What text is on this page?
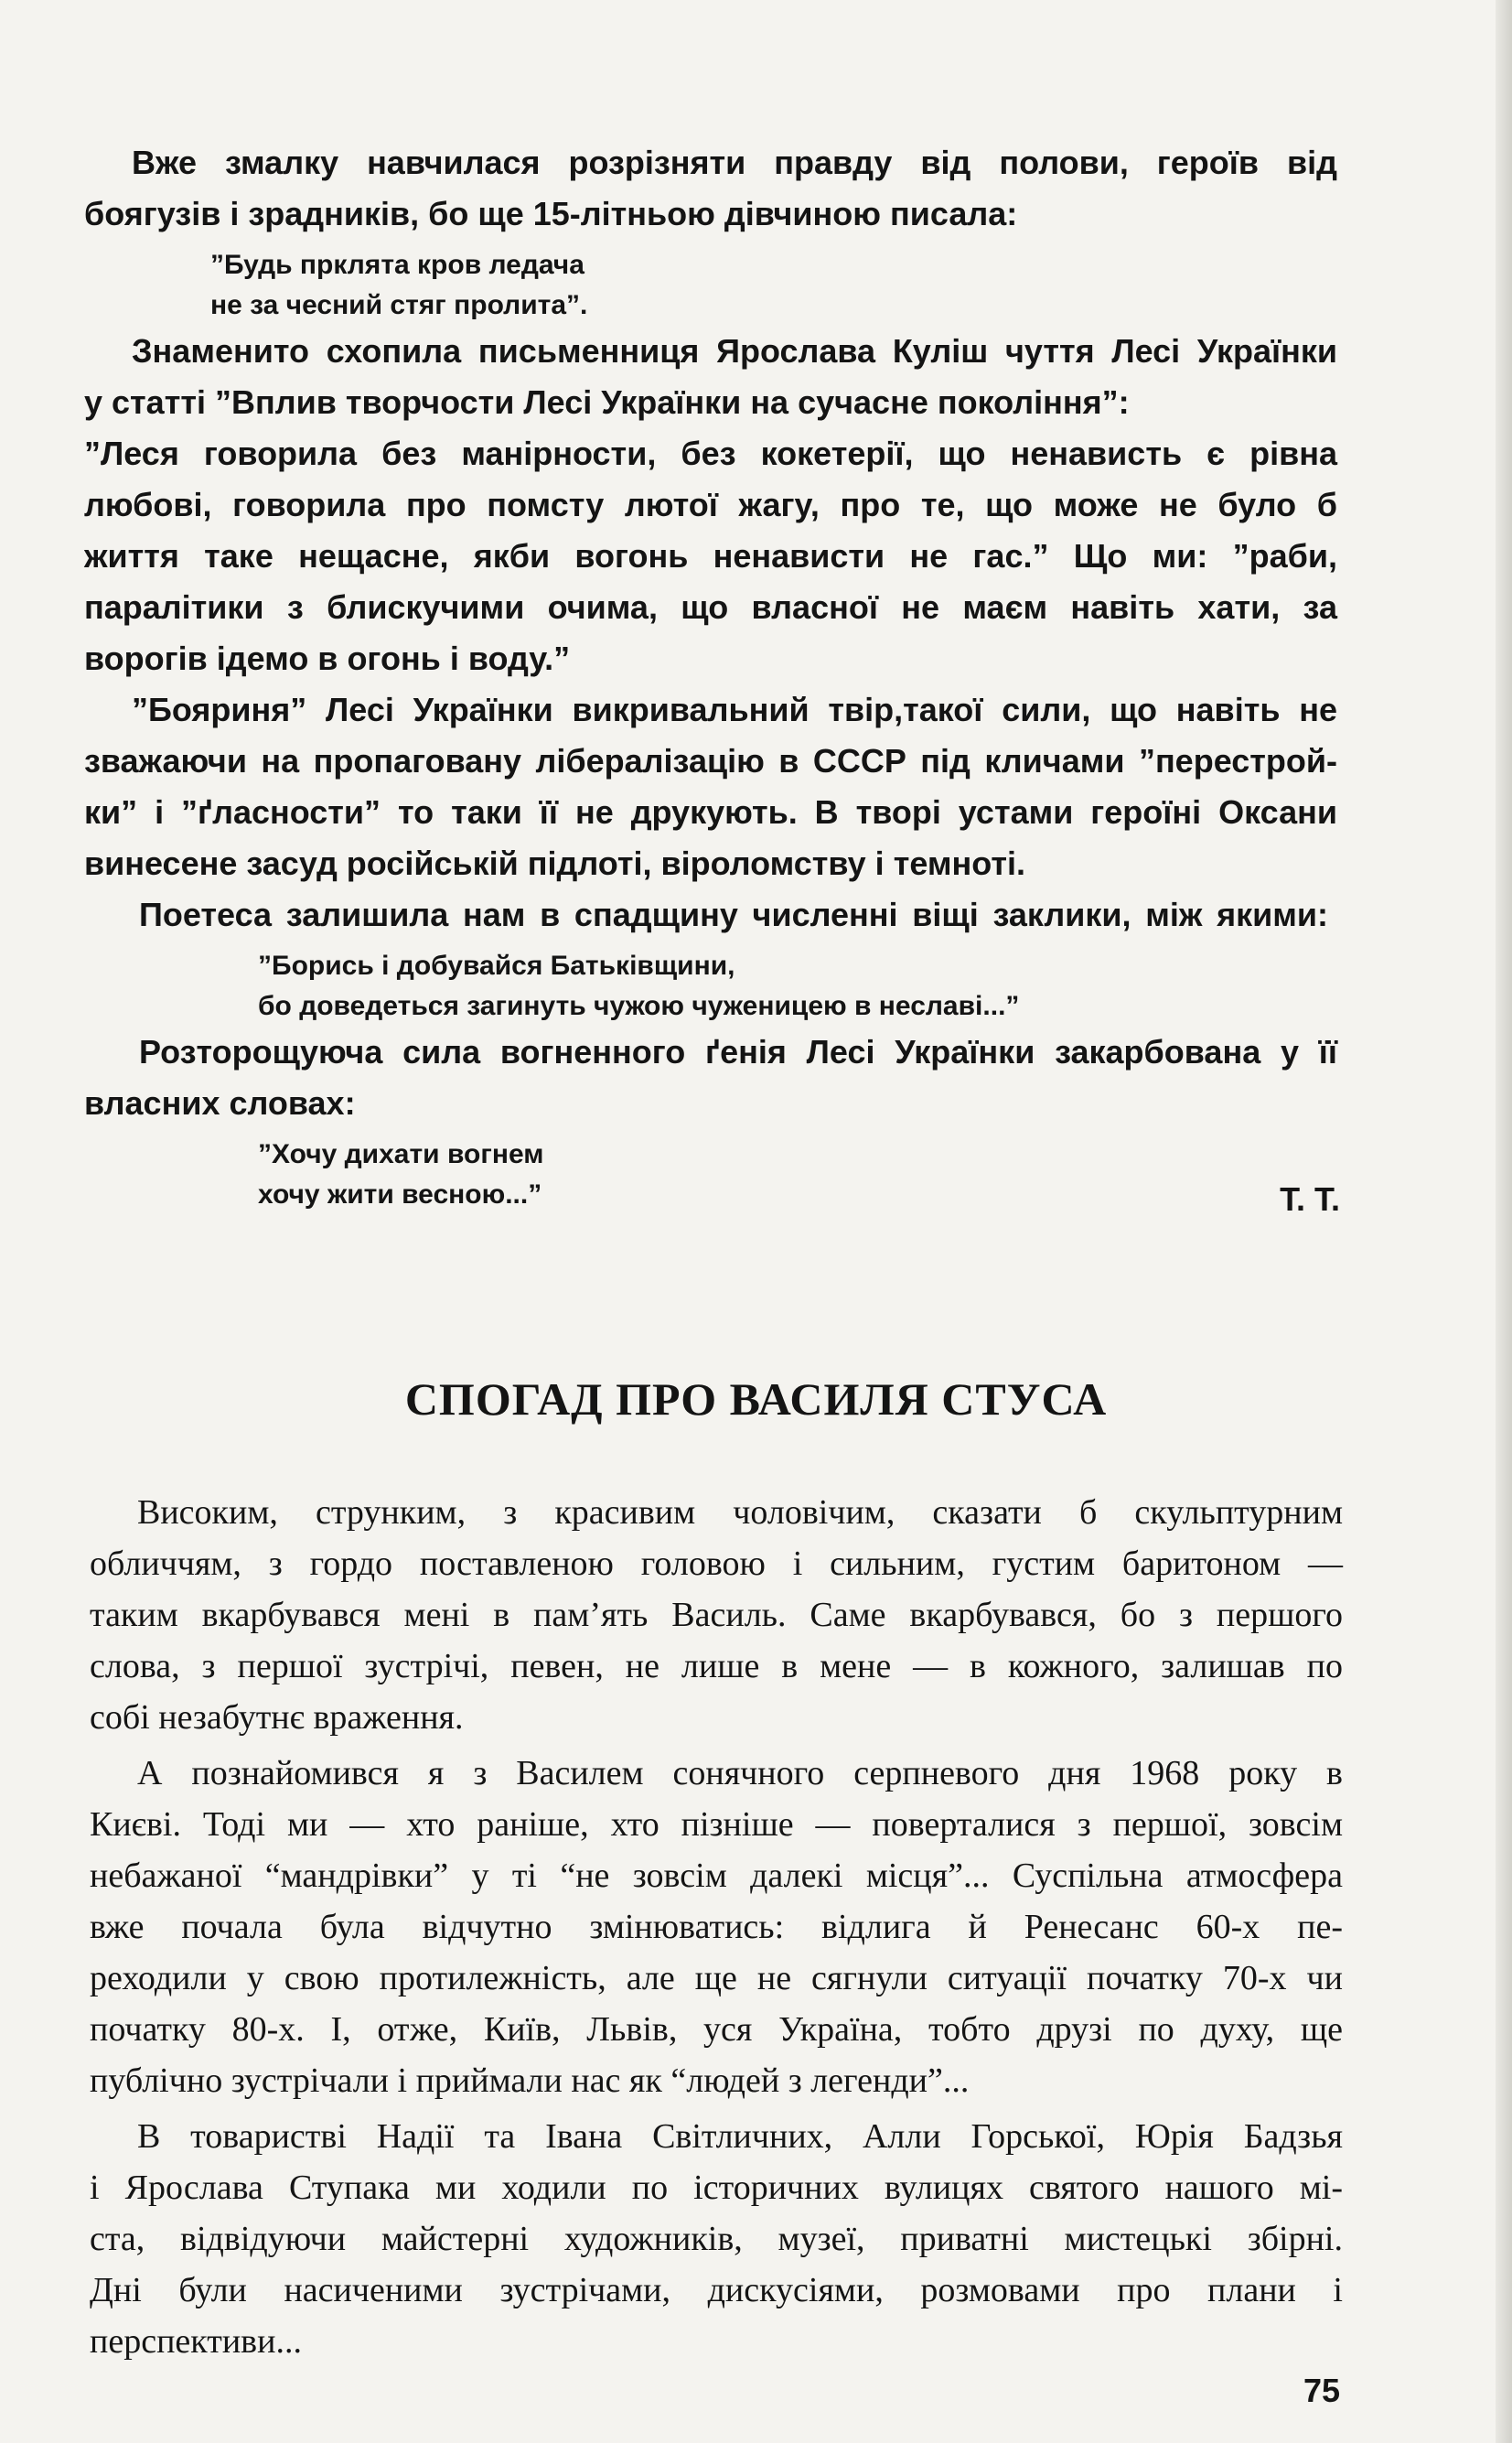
Вже змалку навчилася розрізняти правду від полови, героїв від

боягузів і зрадників, бо ще 15-літньою дівчиною писала:

”Будь прклята кров ледача

не за чесний стяг пролита”.

Знаменито схопила письменниця Ярослава Куліш чуття Лесі Українки

у статті ”Вплив творчости Лесі Українки на сучасне покоління”:

”Леся говорила без манірности, без кокетерії, що ненависть є рівна

любові, говорила про помсту лютої жагу, про те, що може не було б

життя таке нещасне, якби вогонь ненависти не гас.” Що ми: ”раби,

паралітики з блискучими очима, що власної не маєм навіть хати, за

ворогів ідемо в огонь і воду.”

”Бояриня” Лесі Українки викривальний твір,такої сили, що навіть не

зважаючи на пропаговану лібералізацію в СССР під кличами ”перестрой-

ки” і ”ґласности” то таки її не друкують. В творі устами героїні Оксани

винесене засуд російській підлоті, віроломству і темноті.

Поетеса залишила нам в спадщину численні віщі заклики, між якими:

”Борись і добувайся Батьківщини,

бо доведеться загинуть чужою чуженицею в неславі...”

Розторощуюча сила вогненного ґенія Лесі Українки закарбована у її

власних словах:

”Хочу дихати вогнем

хочу жити весною...”	Т. Т.

СПОГАД ПРО ВАСИЛЯ СТУСА

Високим, струнким, з красивим чоловічим, сказати б скульптурним

обличчям, з гордо поставленою головою і сильним, густим баритоном —

таким вкарбувався мені в пам’ять Василь. Саме вкарбувався, бо з першого

слова, з першої зустрічі, певен, не лише в мене — в кожного, залишав по

собі незабутнє враження.

А познайомився я з Василем сонячного серпневого дня 1968 року в

Києві. Тоді ми — хто раніше, хто пізніше — поверталися з першої, зовсім

небажаної “мандрівки” у ті “не зовсім далекі місця”... Суспільна атмосфера

вже почала була відчутно змінюватись: відлига й Ренесанс 60-х пе-

реходили у свою протилежність, але ще не сягнули ситуації початку 70-х чи

початку 80-х. І, отже, Київ, Львів, уся Україна, тобто друзі по духу, ще

публічно зустрічали і приймали нас як “людей з легенди”...

В товаристві Надії та Івана Світличних, Алли Горської, Юрія Бадзья

і Ярослава Ступака ми ходили по історичних вулицях святого нашого мі-

ста, відвідуючи майстерні художників, музеї, приватні мистецькі збірні.

Дні були насиченими зустрічами, дискусіями, розмовами про плани і

перспективи...

75
